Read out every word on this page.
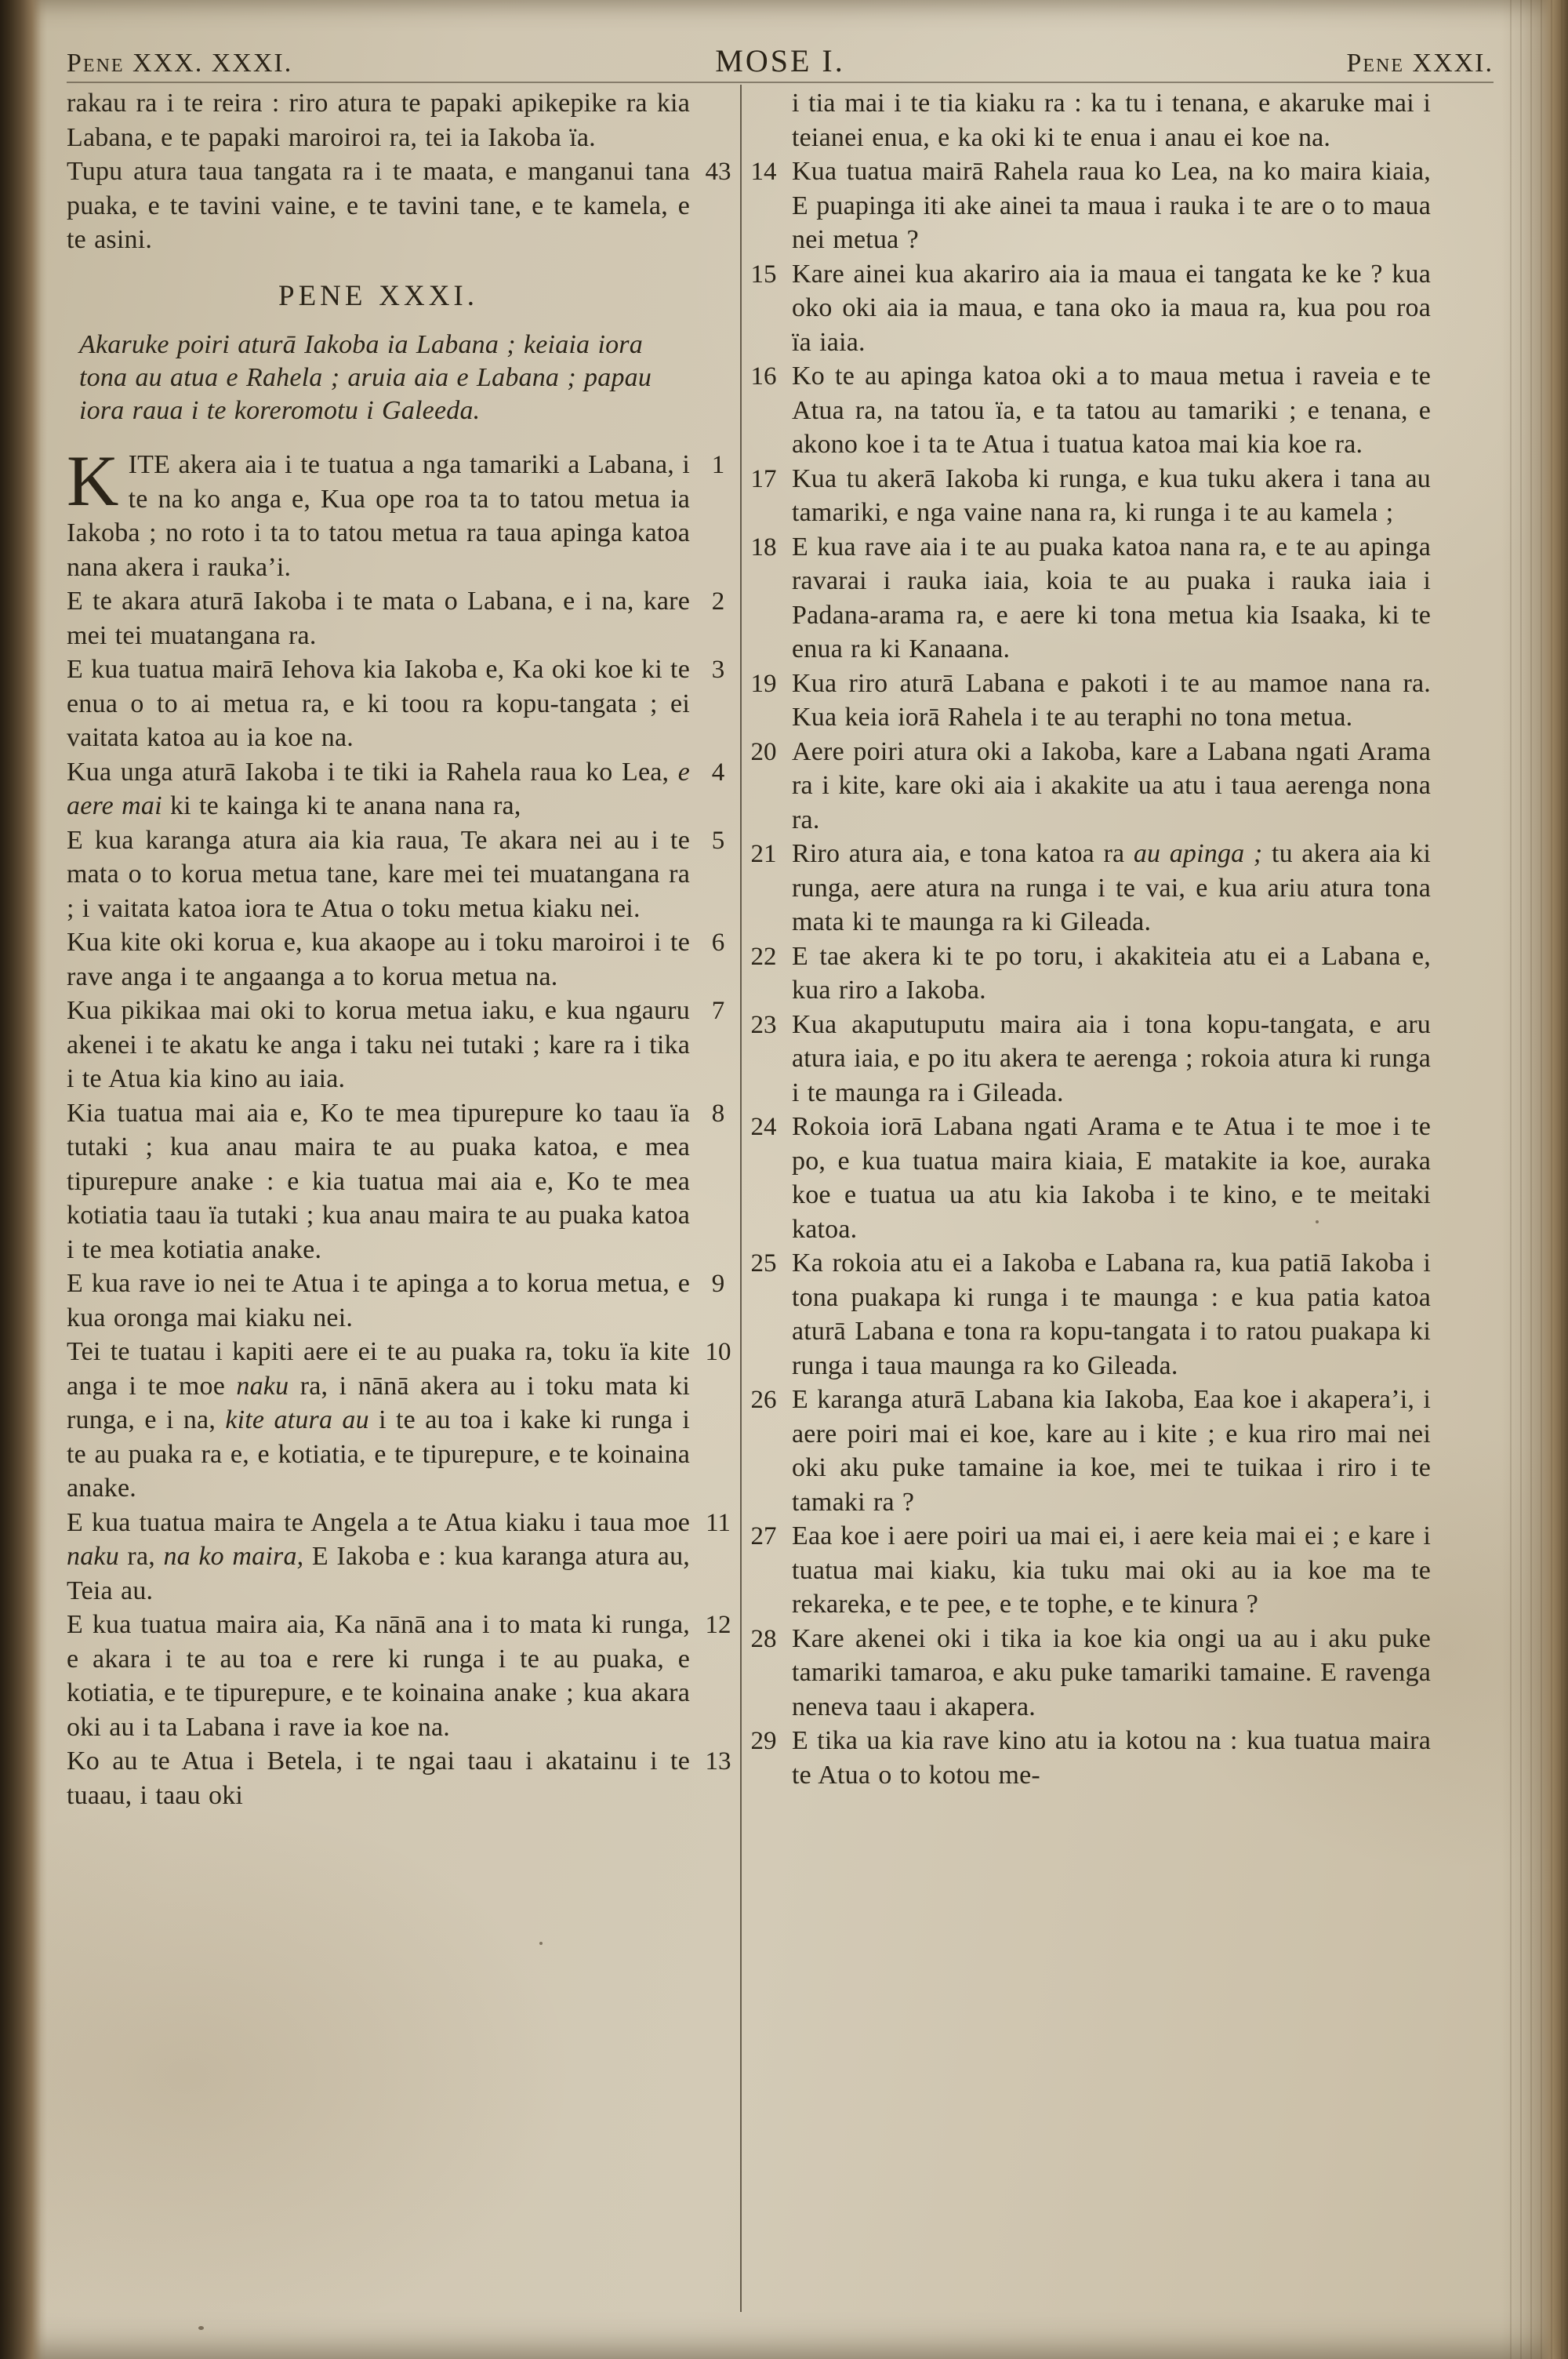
Pene XXX. XXXI.	MOSE I.	Pene XXXI.

rakau ra i te reira : riro atura te papaki apikepike ra kia Labana, e te papaki maroiroi ra, tei ia Iakoba ïa.

43
Tupu atura taua tangata ra i te maata, e manganui tana puaka, e te tavini vaine, e te tavini tane, e te kamela, e te asini.

PENE XXXI.

Akaruke poiri aturā Iakoba ia Labana ; keiaia iora tona au atua e Rahela ; aruia aia e Labana ; papau iora raua i te koreromotu i Galeeda.

1
K ITE akera aia i te tuatua a nga tamariki a Labana, i te na ko anga e, Kua ope roa ta to tatou metua ia Iakoba ; no roto i ta to tatou metua ra taua apinga katoa nana akera i rauka’i.

2
E te akara aturā Iakoba i te mata o Labana, e i na, kare mei tei muatangana ra.

3
E kua tuatua mairā Iehova kia Iakoba e, Ka oki koe ki te enua o to ai metua ra, e ki toou ra kopu-tangata ; ei vaitata katoa au ia koe na.

4
Kua unga aturā Iakoba i te tiki ia Rahela raua ko Lea, e aere mai ki te kainga ki te anana nana ra,

5
E kua karanga atura aia kia raua, Te akara nei au i te mata o to korua metua tane, kare mei tei muatangana ra ; i vaitata katoa iora te Atua o toku metua kiaku nei.

6
Kua kite oki korua e, kua akaope au i toku maroiroi i te rave anga i te angaanga a to korua metua na.

7
Kua pikikaa mai oki to korua metua iaku, e kua ngauru akenei i te akatu ke anga i taku nei tutaki ; kare ra i tika i te Atua kia kino au iaia.

8
Kia tuatua mai aia e, Ko te mea tipurepure ko taau ïa tutaki ; kua anau maira te au puaka katoa, e mea tipurepure anake : e kia tuatua mai aia e, Ko te mea kotiatia taau ïa tutaki ; kua anau maira te au puaka katoa i te mea kotiatia anake.

9
E kua rave io nei te Atua i te apinga a to korua metua, e kua oronga mai kiaku nei.

10
Tei te tuatau i kapiti aere ei te au puaka ra, toku ïa kite anga i te moe naku ra, i nānā akera au i toku mata ki runga, e i na, kite atura au i te au toa i kake ki runga i te au puaka ra e, e kotiatia, e te tipurepure, e te koinaina anake.

11
E kua tuatua maira te Angela a te Atua kiaku i taua moe naku ra, na ko maira, E Iakoba e : kua karanga atura au, Teia au.

12
E kua tuatua maira aia, Ka nānā ana i to mata ki runga, e akara i te au toa e rere ki runga i te au puaka, e kotiatia, e te tipurepure, e te koinaina anake ; kua akara oki au i ta Labana i rave ia koe na.

13
Ko au te Atua i Betela, i te ngai taau i akatainu i te tuaau, i taau oki

i tia mai i te tia kiaku ra : ka tu i tenana, e akaruke mai i teianei enua, e ka oki ki te enua i anau ei koe na.

14 Kua tuatua mairā Rahela raua ko Lea, na ko maira kiaia, E puapinga iti ake ainei ta maua i rauka i te are o to maua nei metua ?

15 Kare ainei kua akariro aia ia maua ei tangata ke ke ? kua oko oki aia ia maua, e tana oko ia maua ra, kua pou roa ïa iaia.

16 Ko te au apinga katoa oki a to maua metua i raveia e te Atua ra, na tatou ïa, e ta tatou au tamariki ; e tenana, e akono koe i ta te Atua i tuatua katoa mai kia koe ra.

17 Kua tu akerā Iakoba ki runga, e kua tuku akera i tana au tamariki, e nga vaine nana ra, ki runga i te au kamela ;

18 E kua rave aia i te au puaka katoa nana ra, e te au apinga ravarai i rauka iaia, koia te au puaka i rauka iaia i Padana-arama ra, e aere ki tona metua kia Isaaka, ki te enua ra ki Kanaana.

19 Kua riro aturā Labana e pakoti i te au mamoe nana ra. Kua keia iorā Rahela i te au teraphi no tona metua.

20 Aere poiri atura oki a Iakoba, kare a Labana ngati Arama ra i kite, kare oki aia i akakite ua atu i taua aerenga nona ra.

21 Riro atura aia, e tona katoa ra au apinga ; tu akera aia ki runga, aere atura na runga i te vai, e kua ariu atura tona mata ki te maunga ra ki Gileada.

22 E tae akera ki te po toru, i akakiteia atu ei a Labana e, kua riro a Iakoba.

23 Kua akaputuputu maira aia i tona kopu-tangata, e aru atura iaia, e po itu akera te aerenga ; rokoia atura ki runga i te maunga ra i Gileada.

24 Rokoia iorā Labana ngati Arama e te Atua i te moe i te po, e kua tuatua maira kiaia, E matakite ia koe, auraka koe e tuatua ua atu kia Iakoba i te kino, e te meitaki katoa.

25 Ka rokoia atu ei a Iakoba e Labana ra, kua patiā Iakoba i tona puakapa ki runga i te maunga : e kua patia katoa aturā Labana e tona ra kopu-tangata i to ratou puakapa ki runga i taua maunga ra ko Gileada.

26 E karanga aturā Labana kia Iakoba, Eaa koe i akapera’i, i aere poiri mai ei koe, kare au i kite ; e kua riro mai nei oki aku puke tamaine ia koe, mei te tuikaa i riro i te tamaki ra ?

27 Eaa koe i aere poiri ua mai ei, i aere keia mai ei ; e kare i tuatua mai kiaku, kia tuku mai oki au ia koe ma te rekareka, e te pee, e te tophe, e te kinura ?

28 Kare akenei oki i tika ia koe kia ongi ua au i aku puke tamariki tamaroa, e aku puke tamariki tamaine. E ravenga neneva taau i akapera.

29 E tika ua kia rave kino atu ia kotou na : kua tuatua maira te Atua o to kotou me-
